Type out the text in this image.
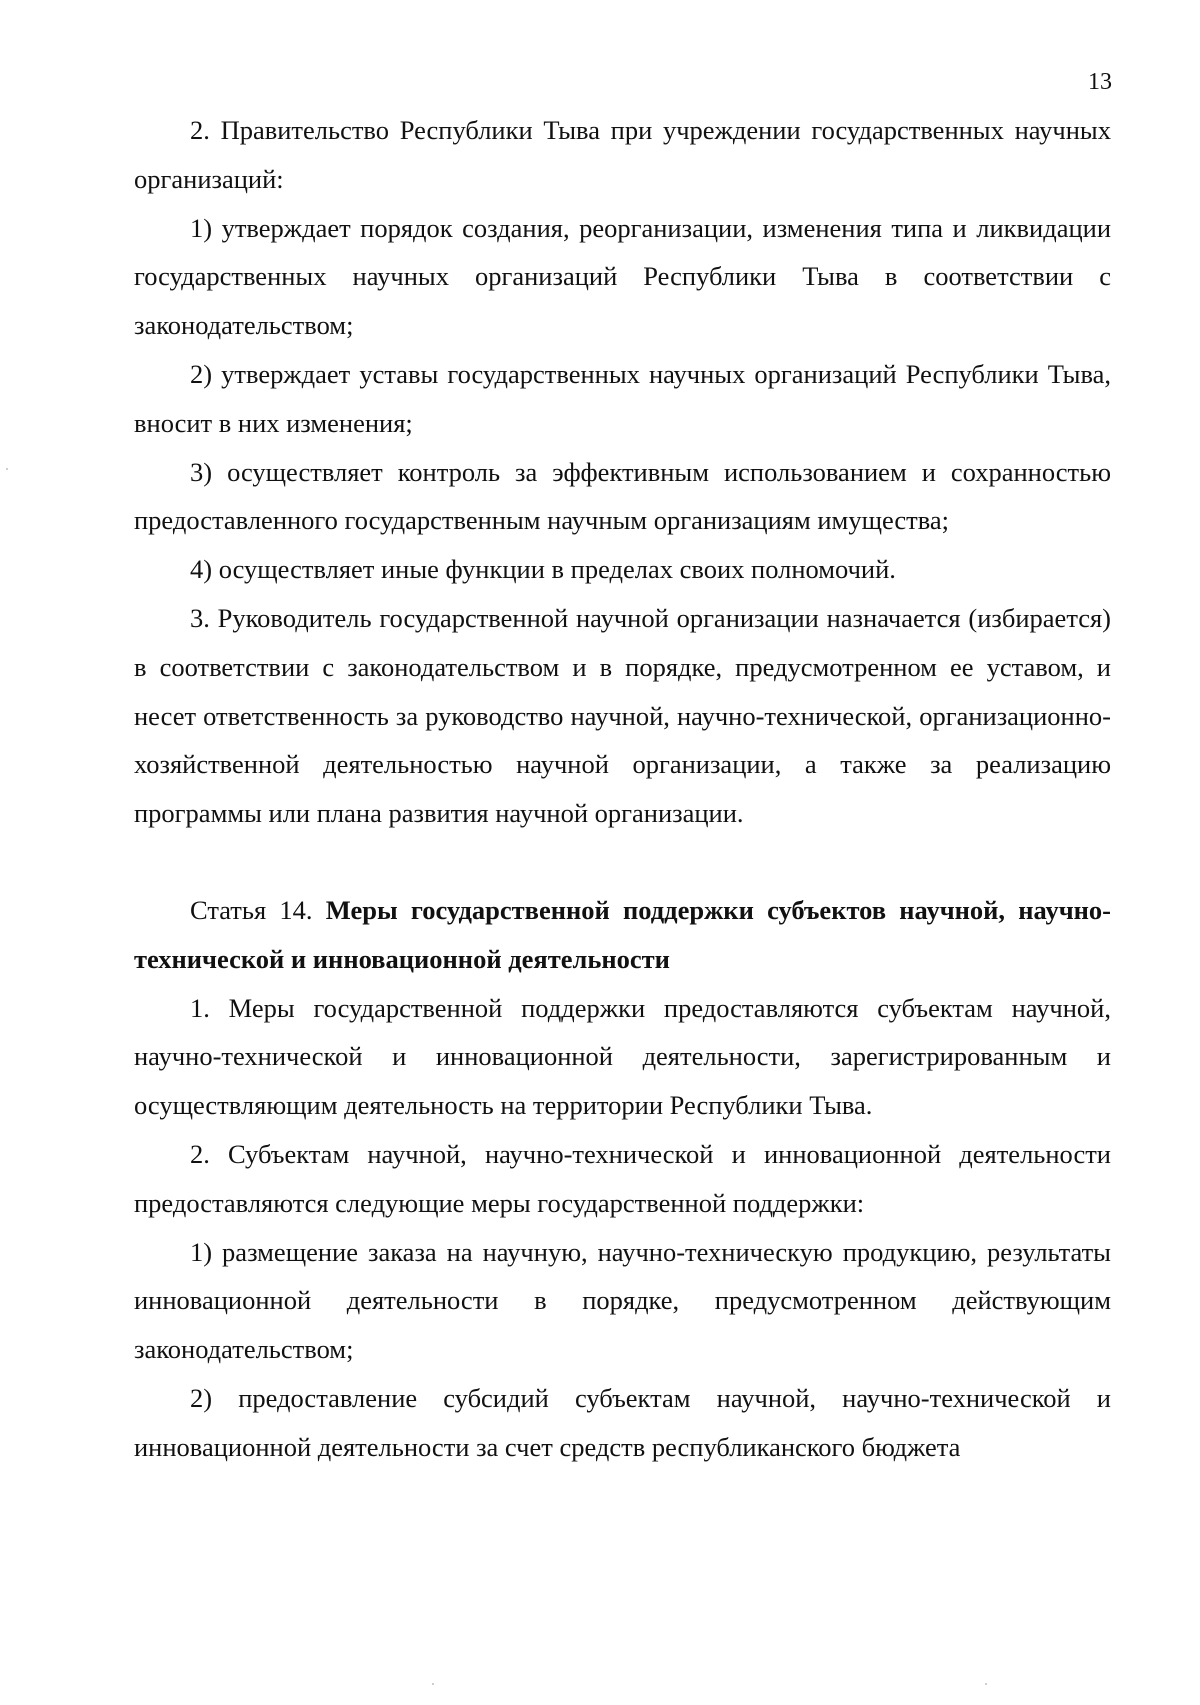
13

2. Правительство Республики Тыва при учреждении государственных научных организаций:

1) утверждает порядок создания, реорганизации, изменения типа и ликвидации государственных научных организаций Республики Тыва в соответствии с законодательством;

2) утверждает уставы государственных научных организаций Республики Тыва, вносит в них изменения;

3) осуществляет контроль за эффективным использованием и сохранностью предоставленного государственным научным организациям имущества;

4) осуществляет иные функции в пределах своих полномочий.

3. Руководитель государственной научной организации назначается (избирается) в соответствии с законодательством и в порядке, предусмотренном ее уставом, и несет ответственность за руководство научной, научно-технической, организационно-хозяйственной деятельностью научной организации, а также за реализацию программы или плана развития научной организации.

Статья 14. Меры государственной поддержки субъектов научной, научно-технической и инновационной деятельности

1. Меры государственной поддержки предоставляются субъектам научной, научно-технической и инновационной деятельности, зарегистрированным и осуществляющим деятельность на территории Республики Тыва.

2. Субъектам научной, научно-технической и инновационной деятельности предоставляются следующие меры государственной поддержки:

1) размещение заказа на научную, научно-техническую продукцию, результаты инновационной деятельности в порядке, предусмотренном действующим законодательством;

2) предоставление субсидий субъектам научной, научно-технической и инновационной деятельности за счет средств республиканского бюджета
